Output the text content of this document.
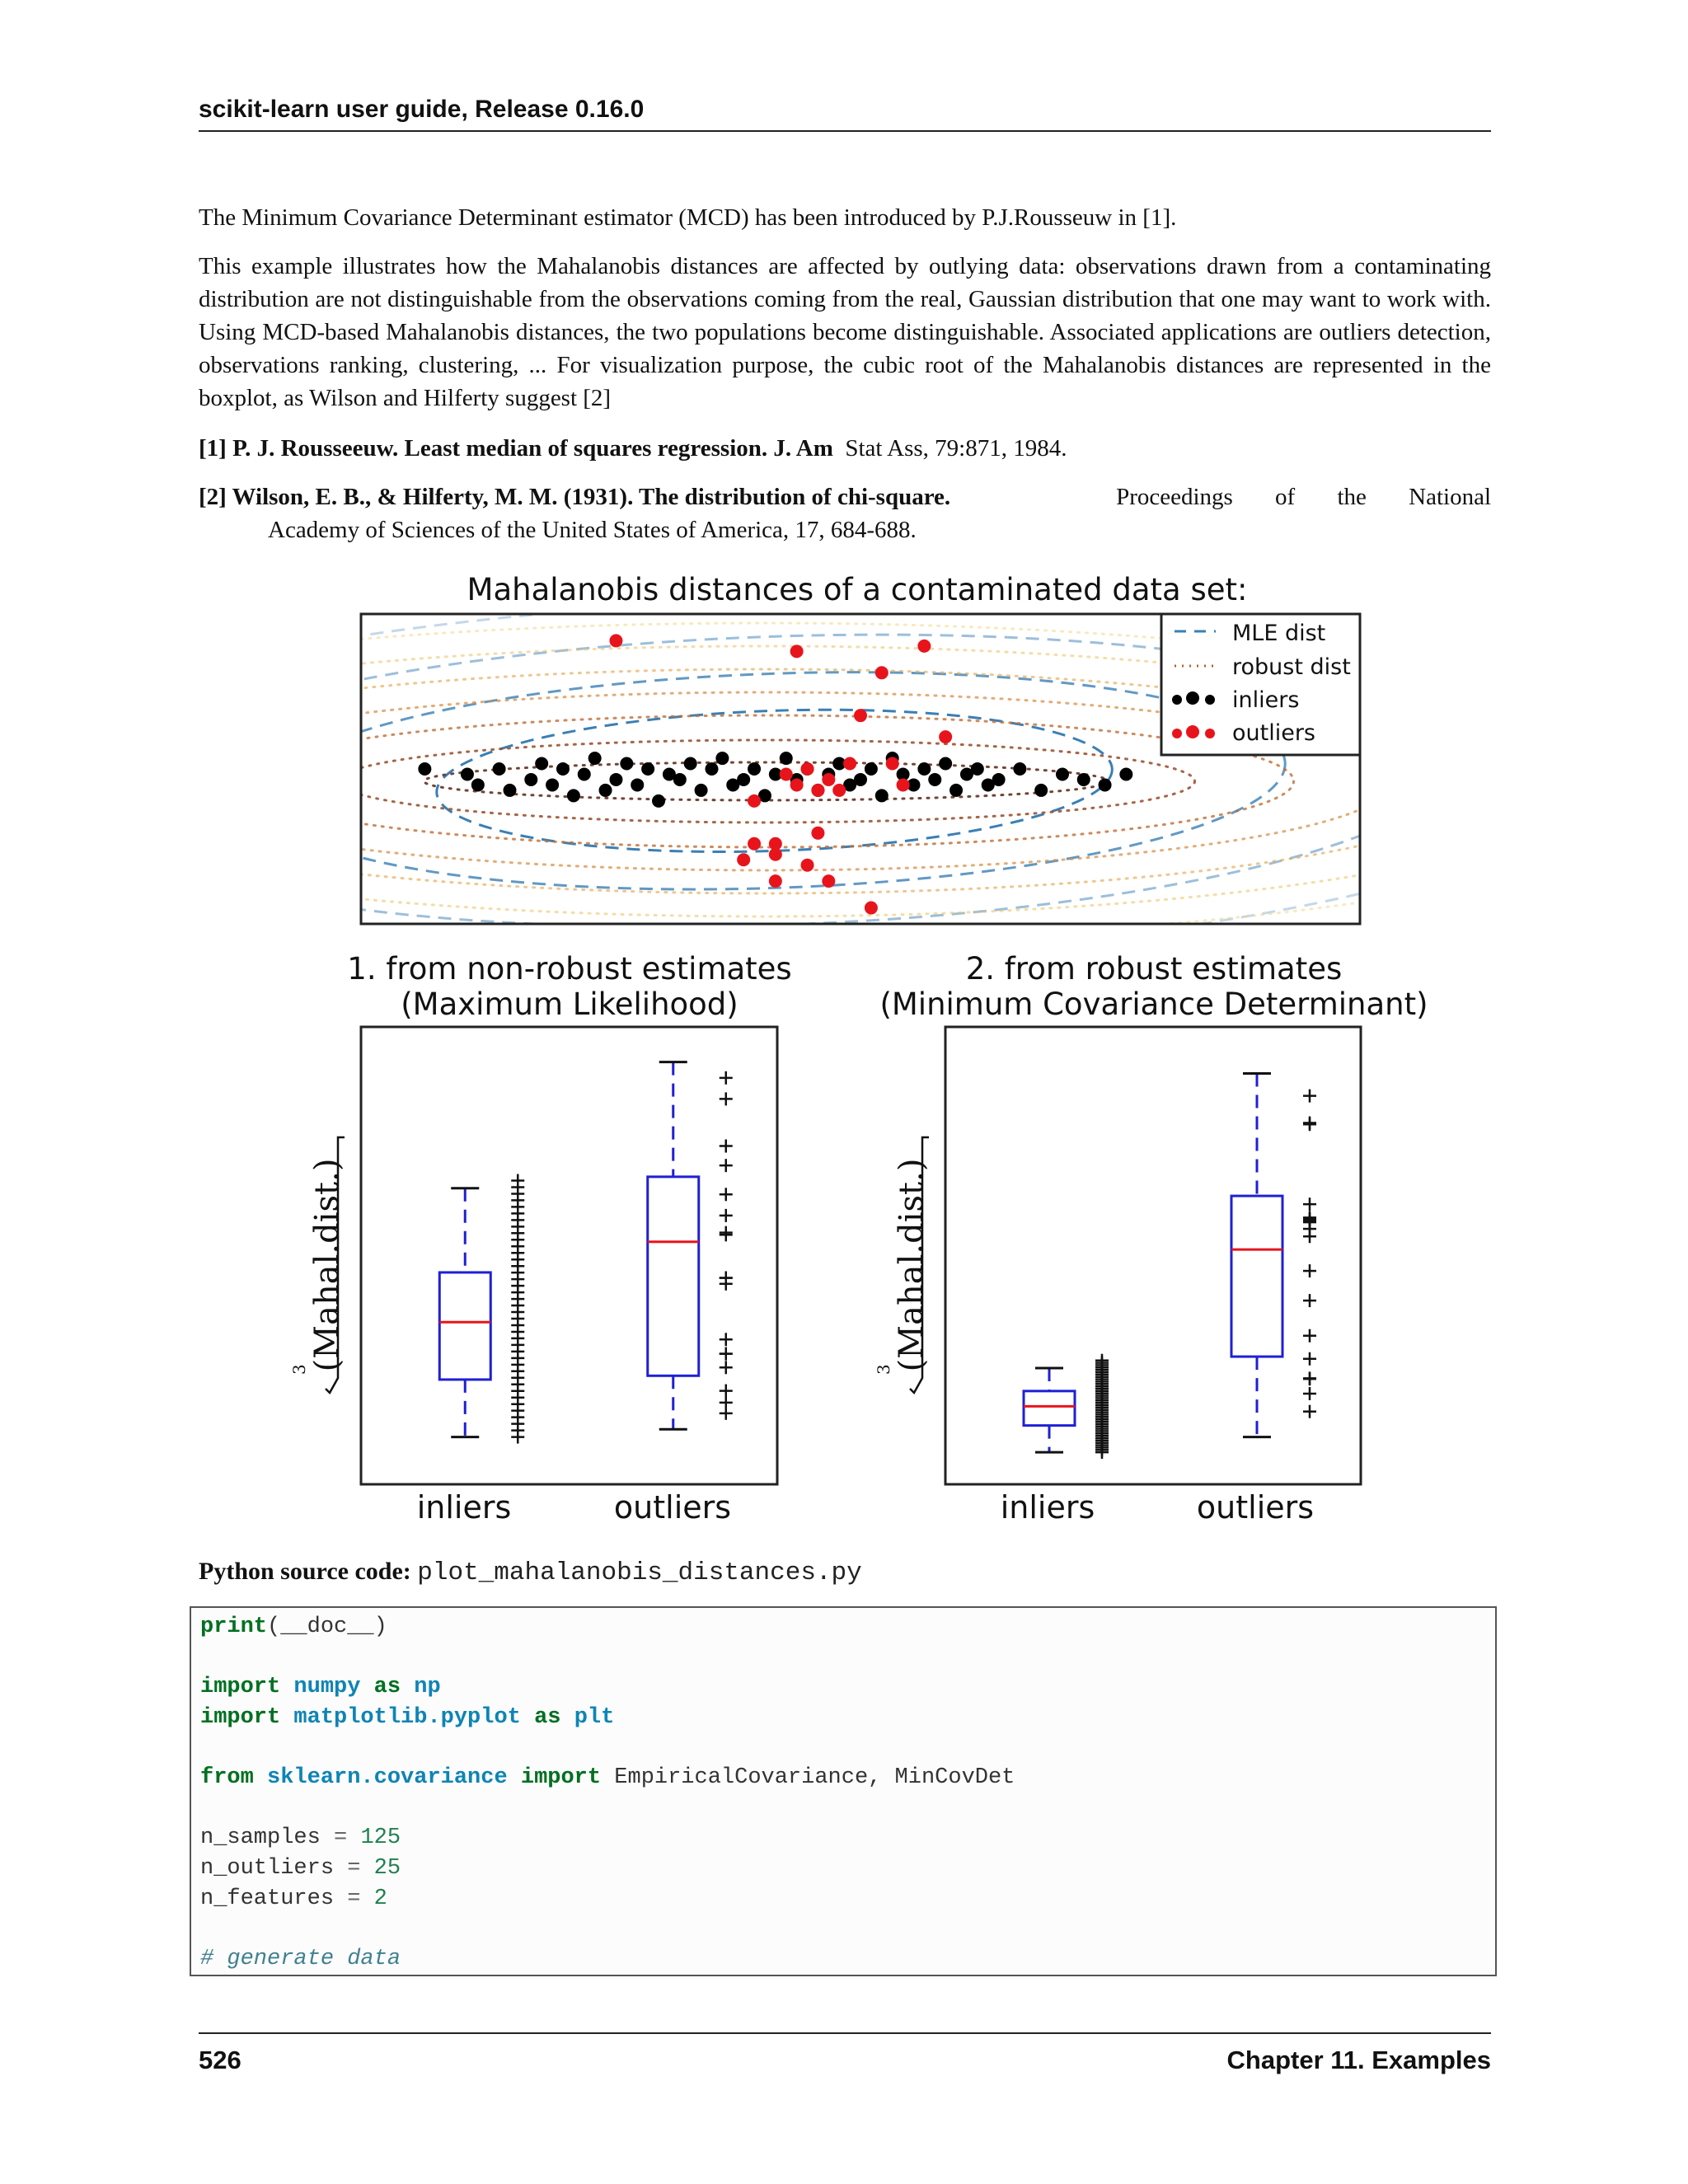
scikit-learn user guide, Release 0.16.0
The Minimum Covariance Determinant estimator (MCD) has been introduced by P.J.Rousseuw in [1].
This example illustrates how the Mahalanobis distances are affected by outlying data: observations drawn from a contaminating distribution are not distinguishable from the observations coming from the real, Gaussian distribution that one may want to work with. Using MCD-based Mahalanobis distances, the two populations become distinguishable. Associated applications are outliers detection, observations ranking, clustering, ... For visualization purpose, the cubic root of the Mahalanobis distances are represented in the boxplot, as Wilson and Hilferty suggest [2]
[1] P. J. Rousseeuw. Least median of squares regression. J. Am Stat Ass, 79:871, 1984.
[2] Wilson, E. B., & Hilferty, M. M. (1931). The distribution of chi-square.	Proceedings of the National
Academy of Sciences of the United States of America, 17, 684-688.
Mahalanobis distances of a contaminated data set:
MLE dist
robust dist
inliers
outliers
1. from non-robust estimates
(Maximum Likelihood)
2. from robust estimates
(Minimum Covariance Determinant)
(Mahal.dist.)
3	(Mahal.dist.)
3
inliers	outliers	inliers	outliers
Python source code: plot_mahalanobis_distances.py
print(__doc__)
import numpy as np
import matplotlib.pyplot as plt
from sklearn.covariance import EmpiricalCovariance, MinCovDet
n_samples = 125
n_outliers = 25
n_features = 2
# generate data
526	Chapter 11. Examples
